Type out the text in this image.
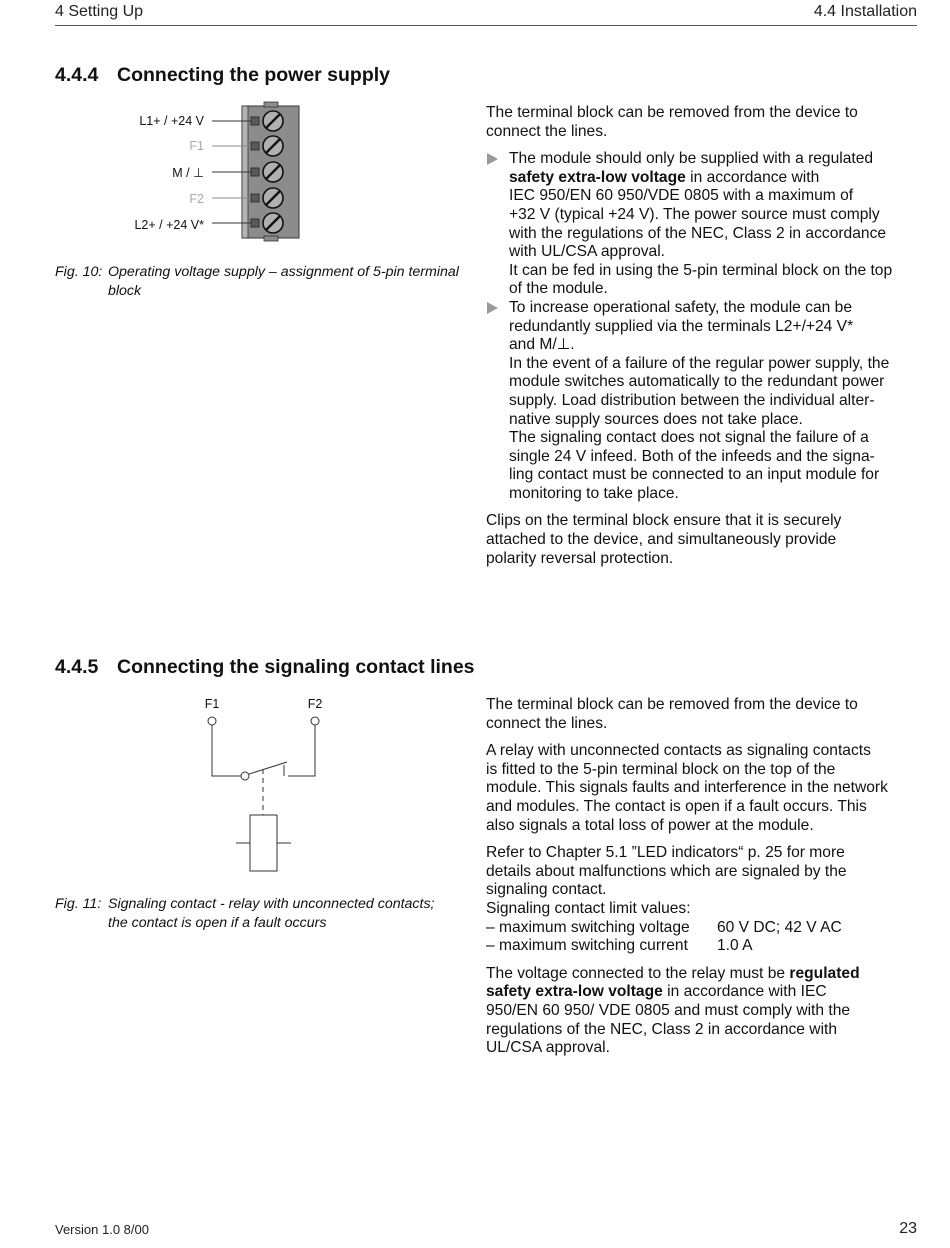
4 Setting Up	4.4 Installation
4.4.4 Connecting the power supply
L1+ / +24 V
F1
M / ⊥
F2
L2+ / +24 V*
Fig. 10: Operating voltage supply – assignment of 5-pin terminal
block

The terminal block can be removed from the device to
connect the lines.

The module should only be supplied with a regulated
safety extra-low voltage in accordance with
IEC 950/EN 60 950/VDE 0805 with a maximum of
+32 V (typical +24 V). The power source must comply
with the regulations of the NEC, Class 2 in accordance
with UL/CSA approval.
It can be fed in using the 5-pin terminal block on the top
of the module.
To increase operational safety, the module can be
redundantly supplied via the terminals L2+/+24 V*
and M/⊥.
In the event of a failure of the regular power supply, the
module switches automatically to the redundant power
supply. Load distribution between the individual alter-
native supply sources does not take place.
The signaling contact does not signal the failure of a
single 24 V infeed. Both of the infeeds and the signa-
ling contact must be connected to an input module for
monitoring to take place.

Clips on the terminal block ensure that it is securely
attached to the device, and simultaneously provide
polarity reversal protection.

4.4.5 Connecting the signaling contact lines
F1	F2
Fig. 11: Signaling contact - relay with unconnected contacts;
the contact is open if a fault occurs

The terminal block can be removed from the device to
connect the lines.

A relay with unconnected contacts as signaling contacts
is fitted to the 5-pin terminal block on the top of the
module. This signals faults and interference in the network
and modules. The contact is open if a fault occurs. This
also signals a total loss of power at the module.

Refer to Chapter 5.1 ”LED indicators“ p. 25 for more
details about malfunctions which are signaled by the
signaling contact.

Signaling contact limit values:
– maximum switching voltage 60 V DC; 42 V AC
– maximum switching current 1.0 A

The voltage connected to the relay must be regulated
safety extra-low voltage in accordance with IEC
950/EN 60 950/ VDE 0805 and must comply with the
regulations of the NEC, Class 2 in accordance with
UL/CSA approval.

Version 1.0 8/00	23
